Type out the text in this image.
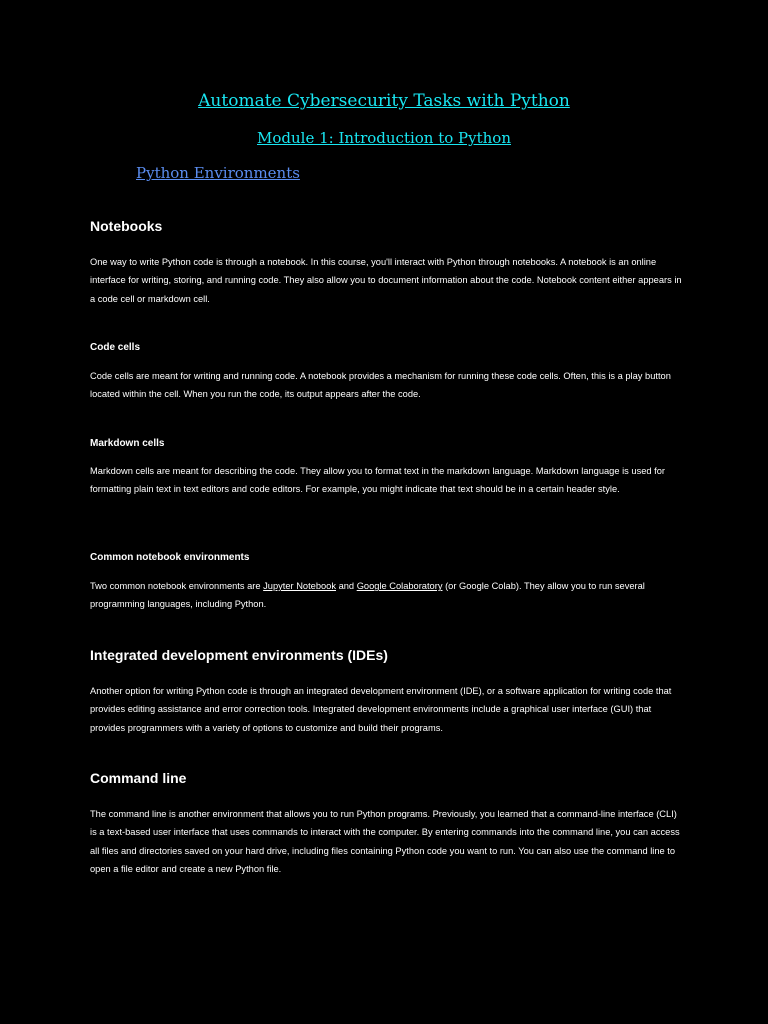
Automate Cybersecurity Tasks with Python
Module 1: Introduction to Python
Python Environments
Notebooks

One way to write Python code is through a notebook. In this course, you'll interact with Python through notebooks. A notebook is an online interface for writing, storing, and running code. They also allow you to document information about the code. Notebook content either appears in a code cell or markdown cell.

Code cells

Code cells are meant for writing and running code. A notebook provides a mechanism for running these code cells. Often, this is a play button located within the cell. When you run the code, its output appears after the code.

Markdown cells

Markdown cells are meant for describing the code. They allow you to format text in the markdown language. Markdown language is used for formatting plain text in text editors and code editors. For example, you might indicate that text should be in a certain header style.

Common notebook environments

Two common notebook environments are Jupyter Notebook and Google Colaboratory (or Google Colab). They allow you to run several programming languages, including Python.

Integrated development environments (IDEs)

Another option for writing Python code is through an integrated development environment (IDE), or a software application for writing code that provides editing assistance and error correction tools. Integrated development environments include a graphical user interface (GUI) that provides programmers with a variety of options to customize and build their programs.

Command line

The command line is another environment that allows you to run Python programs. Previously, you learned that a command-line interface (CLI) is a text-based user interface that uses commands to interact with the computer. By entering commands into the command line, you can access all files and directories saved on your hard drive, including files containing Python code you want to run. You can also use the command line to open a file editor and create a new Python file.
